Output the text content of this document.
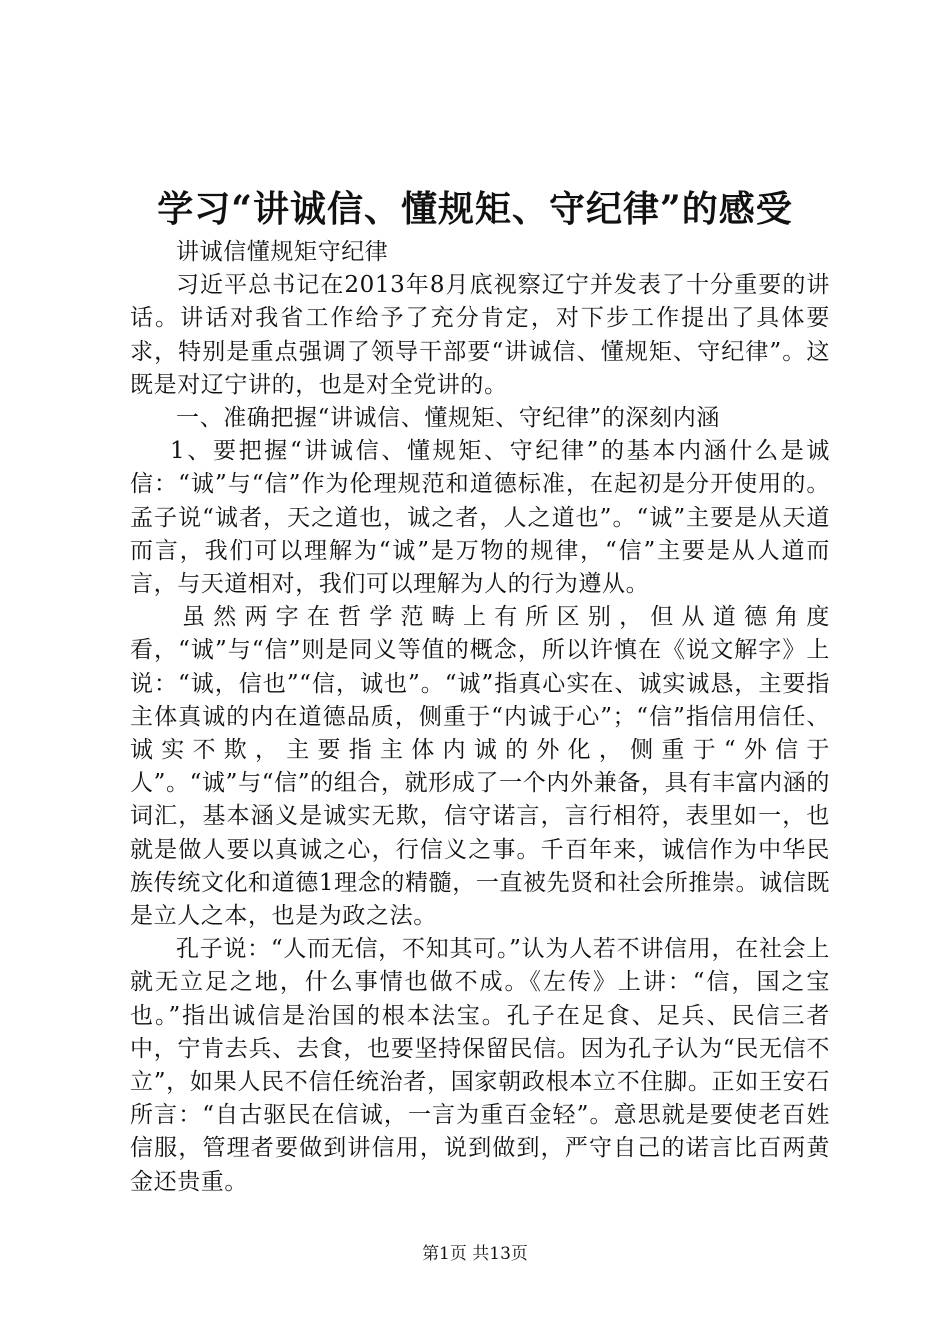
学习“讲诚信、懂规矩、守纪律”的感受

讲诚信懂规矩守纪律

习近平总书记在2013年8月底视察辽宁并发表了十分重要的讲话。讲话对我省工作给予了充分肯定，对下步工作提出了具体要求，特别是重点强调了领导干部要“讲诚信、懂规矩、守纪律”。这既是对辽宁讲的，也是对全党讲的。

一、准确把握“讲诚信、懂规矩、守纪律”的深刻内涵

1、要把握“讲诚信、懂规矩、守纪律”的基本内涵什么是诚信：“诚”与“信”作为伦理规范和道德标准，在起初是分开使用的。孟子说“诚者，天之道也，诚之者，人之道也”。“诚”主要是从天道而言，我们可以理解为“诚”是万物的规律，“信”主要是从人道而言，与天道相对，我们可以理解为人的行为遵从。

虽然两字在哲学范畴上有所区别，但从道德角度看，“诚”与“信”则是同义等值的概念，所以许慎在《说文解字》上说：“诚，信也”“信，诚也”。“诚”指真心实在、诚实诚恳，主要指主体真诚的内在道德品质，侧重于“内诚于心”；“信”指信用信任、诚实不欺，主要指主体内诚的外化，侧重于“外信于人”。“诚”与“信”的组合，就形成了一个内外兼备，具有丰富内涵的词汇，基本涵义是诚实无欺，信守诺言，言行相符，表里如一，也就是做人要以真诚之心，行信义之事。千百年来，诚信作为中华民族传统文化和道德1理念的精髓，一直被先贤和社会所推崇。诚信既是立人之本，也是为政之法。

孔子说：“人而无信，不知其可。”认为人若不讲信用，在社会上就无立足之地，什么事情也做不成。《左传》上讲：“信，国之宝也。”指出诚信是治国的根本法宝。孔子在足食、足兵、民信三者中，宁肯去兵、去食，也要坚持保留民信。因为孔子认为“民无信不立”，如果人民不信任统治者，国家朝政根本立不住脚。正如王安石所言：“自古驱民在信诚，一言为重百金轻”。意思就是要使老百姓信服，管理者要做到讲信用，说到做到，严守自己的诺言比百两黄金还贵重。

第1页 共13页
